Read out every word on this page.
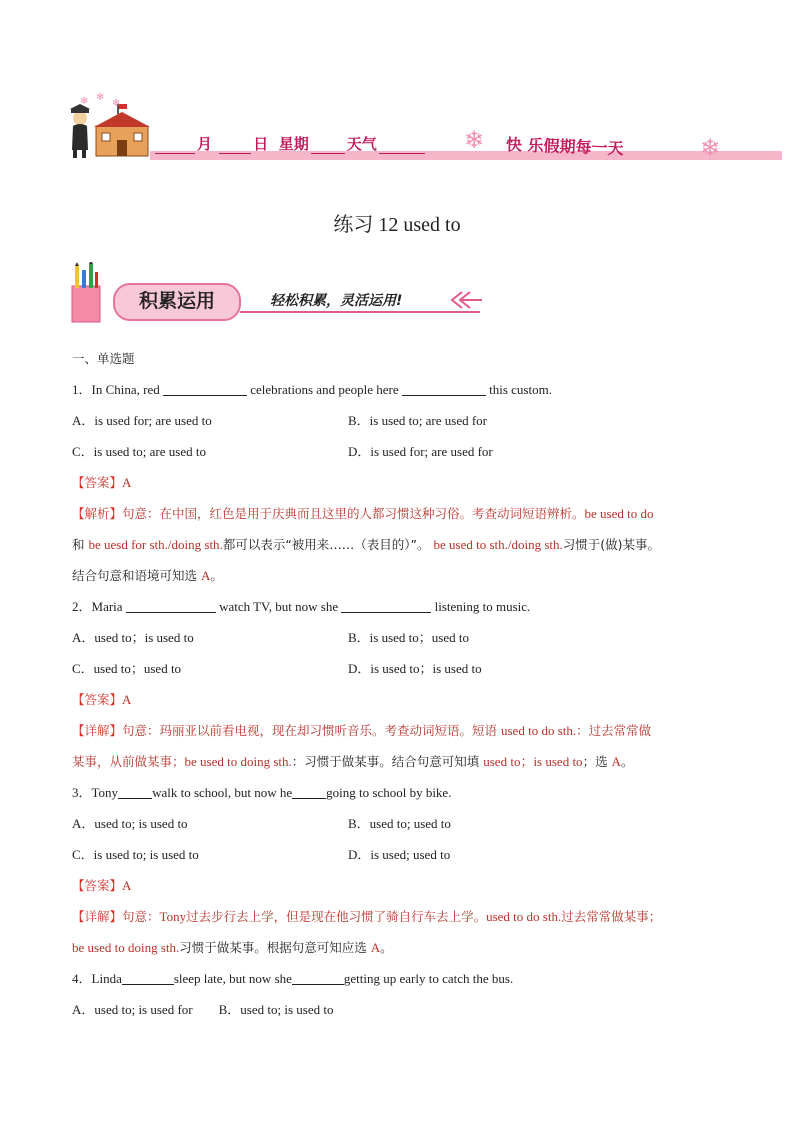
❄ ❄
❄
月	日 星期	天气	❄ 快 乐假期每一天	❄
练习 12 used to
积累运用	轻松积累，灵活运用!
一、单选题
1．In China, red	celebrations and people here	this custom.
A．is used for; are used to	B．is used to; are used for
C．is used to; are used to	D．is used for; are used for
【答案】A
【解析】句意：在中国，红色是用于庆典而且这里的人都习惯这种习俗。考查动词短语辨析。be used to do
和 be uesd for sth./doing sth.都可以表示“被用来……（表目的）”。 be used to sth./doing sth.习惯于(做)某事。
结合句意和语境可知选 A。
2．Maria	watch TV, but now she	listening to music.
A．used to；is used to	B．is used to；used to
C．used to；used to	D．is used to；is used to
【答案】A
【详解】句意：玛丽亚以前看电视，现在却习惯听音乐。考查动词短语。短语 used to do sth.：过去常常做
某事，从前做某事；be used to doing sth.：习惯于做某事。结合句意可知填 used to；is used to；选 A。
3．Tony	walk to school, but now he	going to school by bike.
A．used to; is used to	B．used to; used to
C．is used to; is used to	D．is used; used to
【答案】A
【详解】句意：Tony过去步行去上学，但是现在他习惯了骑自行车去上学。used to do sth.过去常常做某事；
be used to doing sth.习惯于做某事。根据句意可知应选 A。
4．Linda	sleep late, but now she	getting up early to catch the bus.
A．used to; is used for B．used to; is used to
